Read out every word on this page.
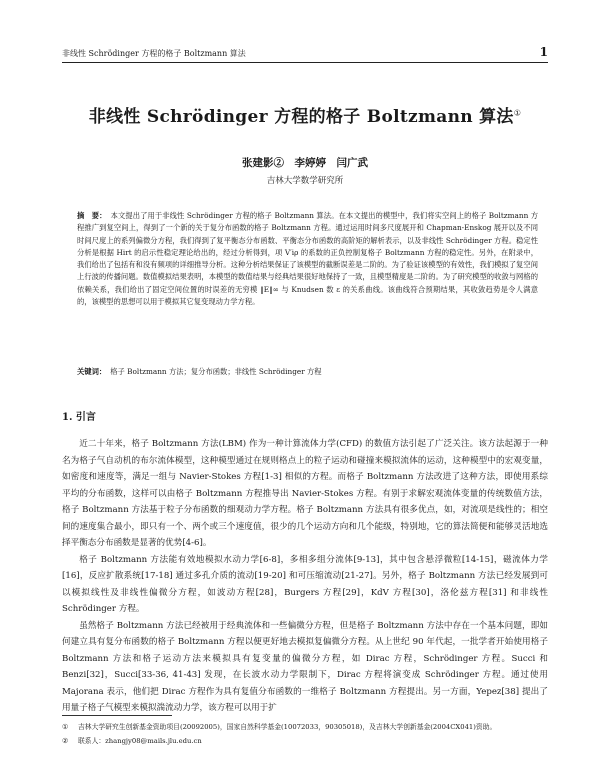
非线性 Schrödinger 方程的格子 Boltzmann 算法	1
非线性 Schrödinger 方程的格子 Boltzmann 算法①
张建影②　李婷婷　闫广武
吉林大学数学研究所
摘　要： 本文提出了用于非线性 Schrödinger 方程的格子 Boltzmann 算法。在本文提出的模型中，我们将实空间上的格子 Boltzmann 方程推广到复空间上，得到了一个新的关于复分布函数的格子 Boltzmann 方程。通过运用时间多尺度展开和 Chapman-Enskog 展开以及不同时间尺度上的系列偏微分方程，我们得到了复平衡态分布函数、平衡态分布函数的高阶矩的解析表示，以及非线性 Schrödinger 方程。稳定性分析是根据 Hirt 的启示性稳定理论给出的，经过分析得到，项 V′iρ 的系数的正负控制复格子 Boltzmann 方程的稳定性。另外，在附录中，我们给出了包括有和没有频项的详细推导分析。这种分析结果保证了该模型的截断误差是二阶的。为了验证该模型的有效性，我们模拟了复空间上行波的传播问题。数值模拟结果表明，本模型的数值结果与经典结果很好地保持了一致，且模型精度是二阶的。为了研究模型的收敛与网格的依赖关系，我们给出了固定空间位置的时误差的无穷模 ‖E‖∞ 与 Knudsen 数 ε 的关系曲线。该曲线符合预期结果，其收敛趋势是令人满意的，该模型的思想可以用于模拟其它复变现动力学方程。
关键词： 格子 Boltzmann 方法；复分布函数；非线性 Schrödinger 方程
1. 引言

近二十年来，格子 Boltzmann 方法(LBM) 作为一种计算流体力学(CFD) 的数值方法引起了广泛关注。该方法起源于一种名为格子气自动机的布尔流体模型，这种模型通过在规则格点上的粒子运动和碰撞来模拟流体的运动，这种模型中的宏观变量，如密度和速度等，满足一组与 Navier-Stokes 方程[1-3] 相似的方程。而格子 Boltzmann 方法改进了这种方法，即使用系综平均的分布函数，这样可以由格子 Boltzmann 方程推导出 Navier-Stokes 方程。有别于求解宏观流体变量的传统数值方法，格子 Boltzmann 方法基于粒子分布函数的细观动力学方程。格子 Boltzmann 方法具有很多优点，如，对流项是线性的；相空间的速度集合最小，即只有一个、两个或三个速度值，很少的几个运动方向和几个能级，特别地，它的算法简便和能够灵活地选择平衡态分布函数是显著的优势[4-6]。

格子 Boltzmann 方法能有效地模拟水动力学[6-8]，多相多组分流体[9-13]，其中包含悬浮微粒[14-15]，磁流体力学[16]，反应扩散系统[17-18] 通过多孔介质的流动[19-20] 和可压缩流动[21-27]。另外，格子 Boltzmann 方法已经发展到可以模拟线性及非线性偏微分方程，如波动方程[28]，Burgers 方程[29]，KdV 方程[30]，洛伦兹方程[31] 和非线性 Schrödinger 方程。

虽然格子 Boltzmann 方法已经被用于经典流体和一些偏微分方程，但是格子 Boltzmann 方法中存在一个基本问题，即如何建立具有复分布函数的格子 Boltzmann 方程以便更好地去模拟复偏微分方程。从上世纪 90 年代起，一批学者开始使用格子 Boltzmann 方法和格子运动方法来模拟具有复变量的偏微分方程，如 Dirac 方程，Schrödinger 方程。Succi 和 Benzi[32]，Succi[33-36, 41-43] 发现，在长波水动力学限制下，Dirac 方程将演变成 Schrödinger 方程。通过使用 Majorana 表示，他们把 Dirac 方程作为具有复值分布函数的一维格子 Boltzmann 方程提出。另一方面，Yepez[38] 提出了用量子格子气模型来模拟湍流动力学，该方程可以用于扩

① 吉林大学研究生创新基金资助项目(20092005)，国家自然科学基金(10072033，90305018)，及吉林大学创新基金(2004CX041)资助。
② 联系人：zhangjy08@mails.jlu.edu.cn
